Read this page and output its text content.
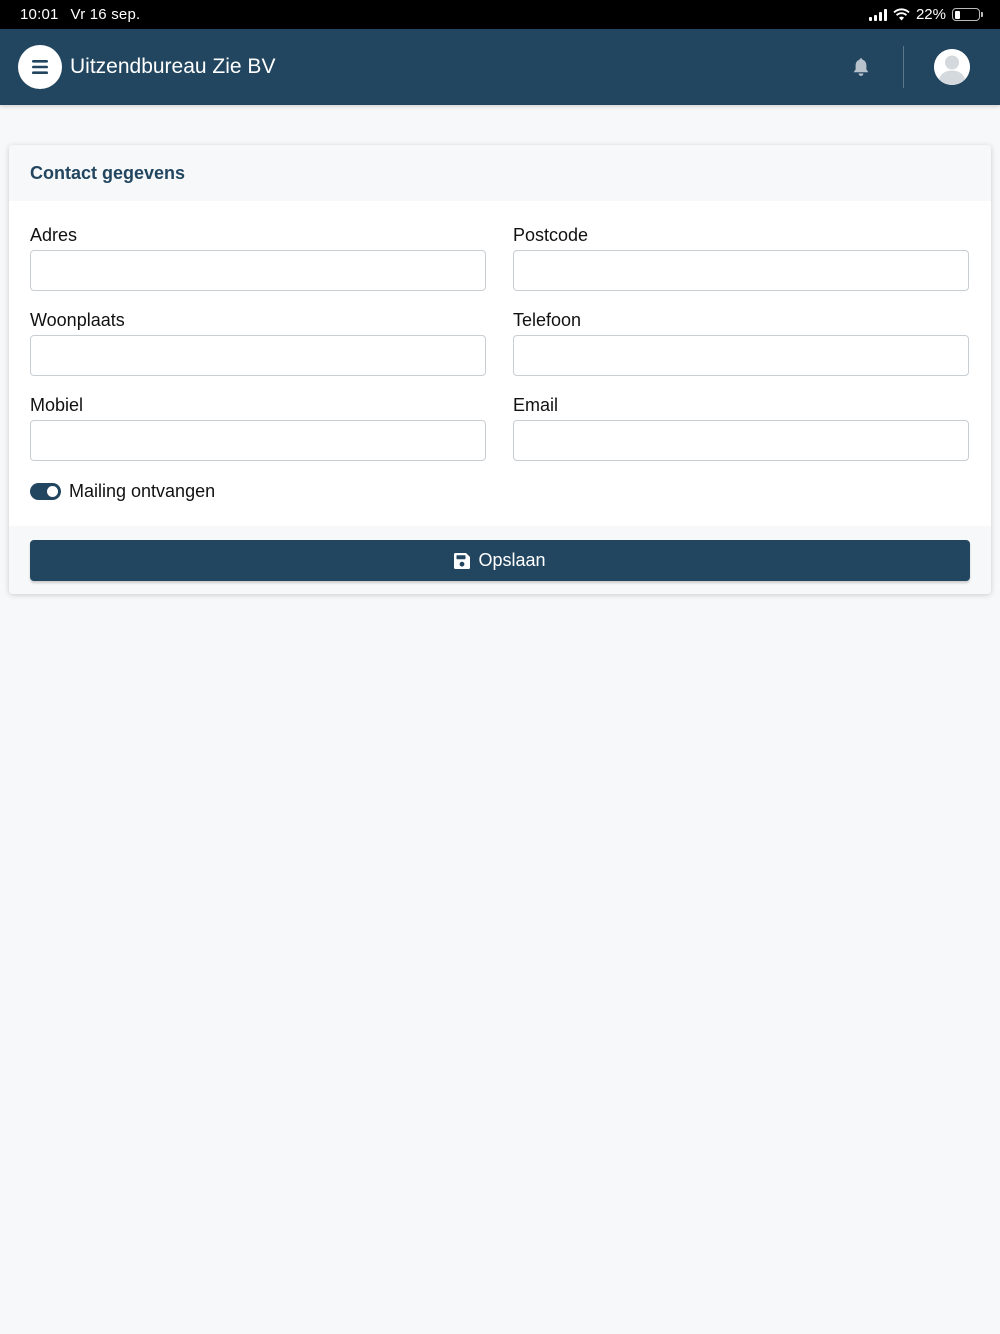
10:01 Vr 16 sep.	22%
Uitzendbureau Zie BV
Contact gegevens
Adres	Postcode
Woonplaats	Telefoon
Mobiel	Email
Mailing ontvangen
Opslaan
